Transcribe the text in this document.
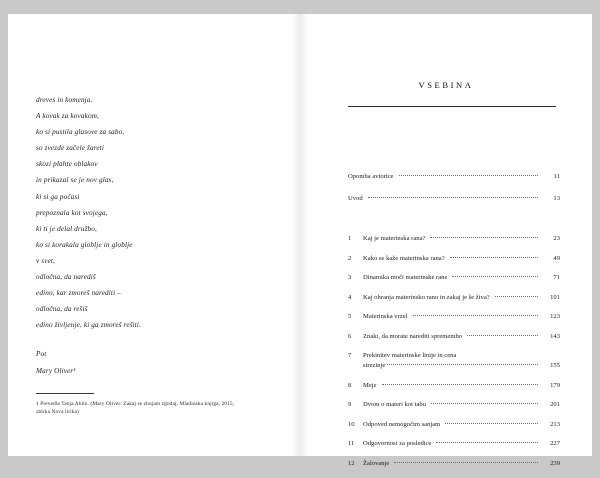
dreves in komenja.
A kovak za kovakom,
ko si pustila glasove za sabo,
so zvezde začele žareti
skozi plahte oblakov
in prikazal se je nov glas,
ki si ga počasi
prepoznala kot svojega,
ki ti je delal družbo,
ko si korakala globlje in globlje
v svet,
odločna, da narediš
edino, kar zmoreš narediti –
odločna, da rešiš
edino življenje, ki ga zmoreš rešiti.
Pot
Mary Oliver¹
1 Prevedla Tanja Ahlin. (Mary Oliver: Zakaj se zbujam zgodaj, Mladinska knjiga, 2015, zbirka Nova lirika)
VSEBINA
Opomba avtorice	11
Uvod	13
1	Kaj je materinska rana?	23
2	Kako se kaže materinska rana?	49
3	Dinamika moči materinske rane	71
4	Kaj ohranja materinsko rano in zakaj je še živa?	101
5	Materinska vrzel	123
6	Znaki, da morate narediti spremembo	143
7	Prekinitev materinske linije in cena
strezinje	155
8	Meje	179
9	Dvom o materi kot tabu	201
10	Odpoved nemogočim sanjam	213
11	Odgovornost za posledice	227
12	Žalovanje	239
